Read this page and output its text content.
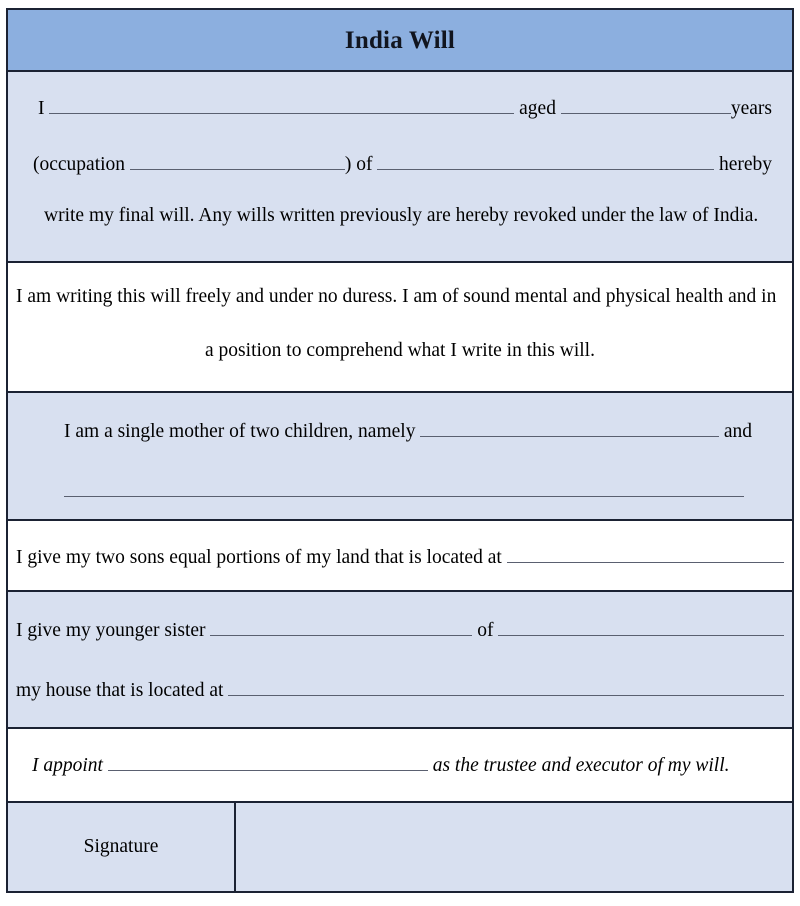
India Will
I

	aged
	years
(occupation
	) of

	hereby
write my final will. Any wills written previously are hereby revoked under the law of India.
I am writing this will freely and under no duress. I am of sound mental and physical health and in
a position to comprehend what I write in this will.
I am a single mother of two children, namely

	and
I give my two sons equal portions of my land that is located at

I give my younger sister

	of

my house that is located at

I appoint

	as the trustee and executor of my will.
Signature
